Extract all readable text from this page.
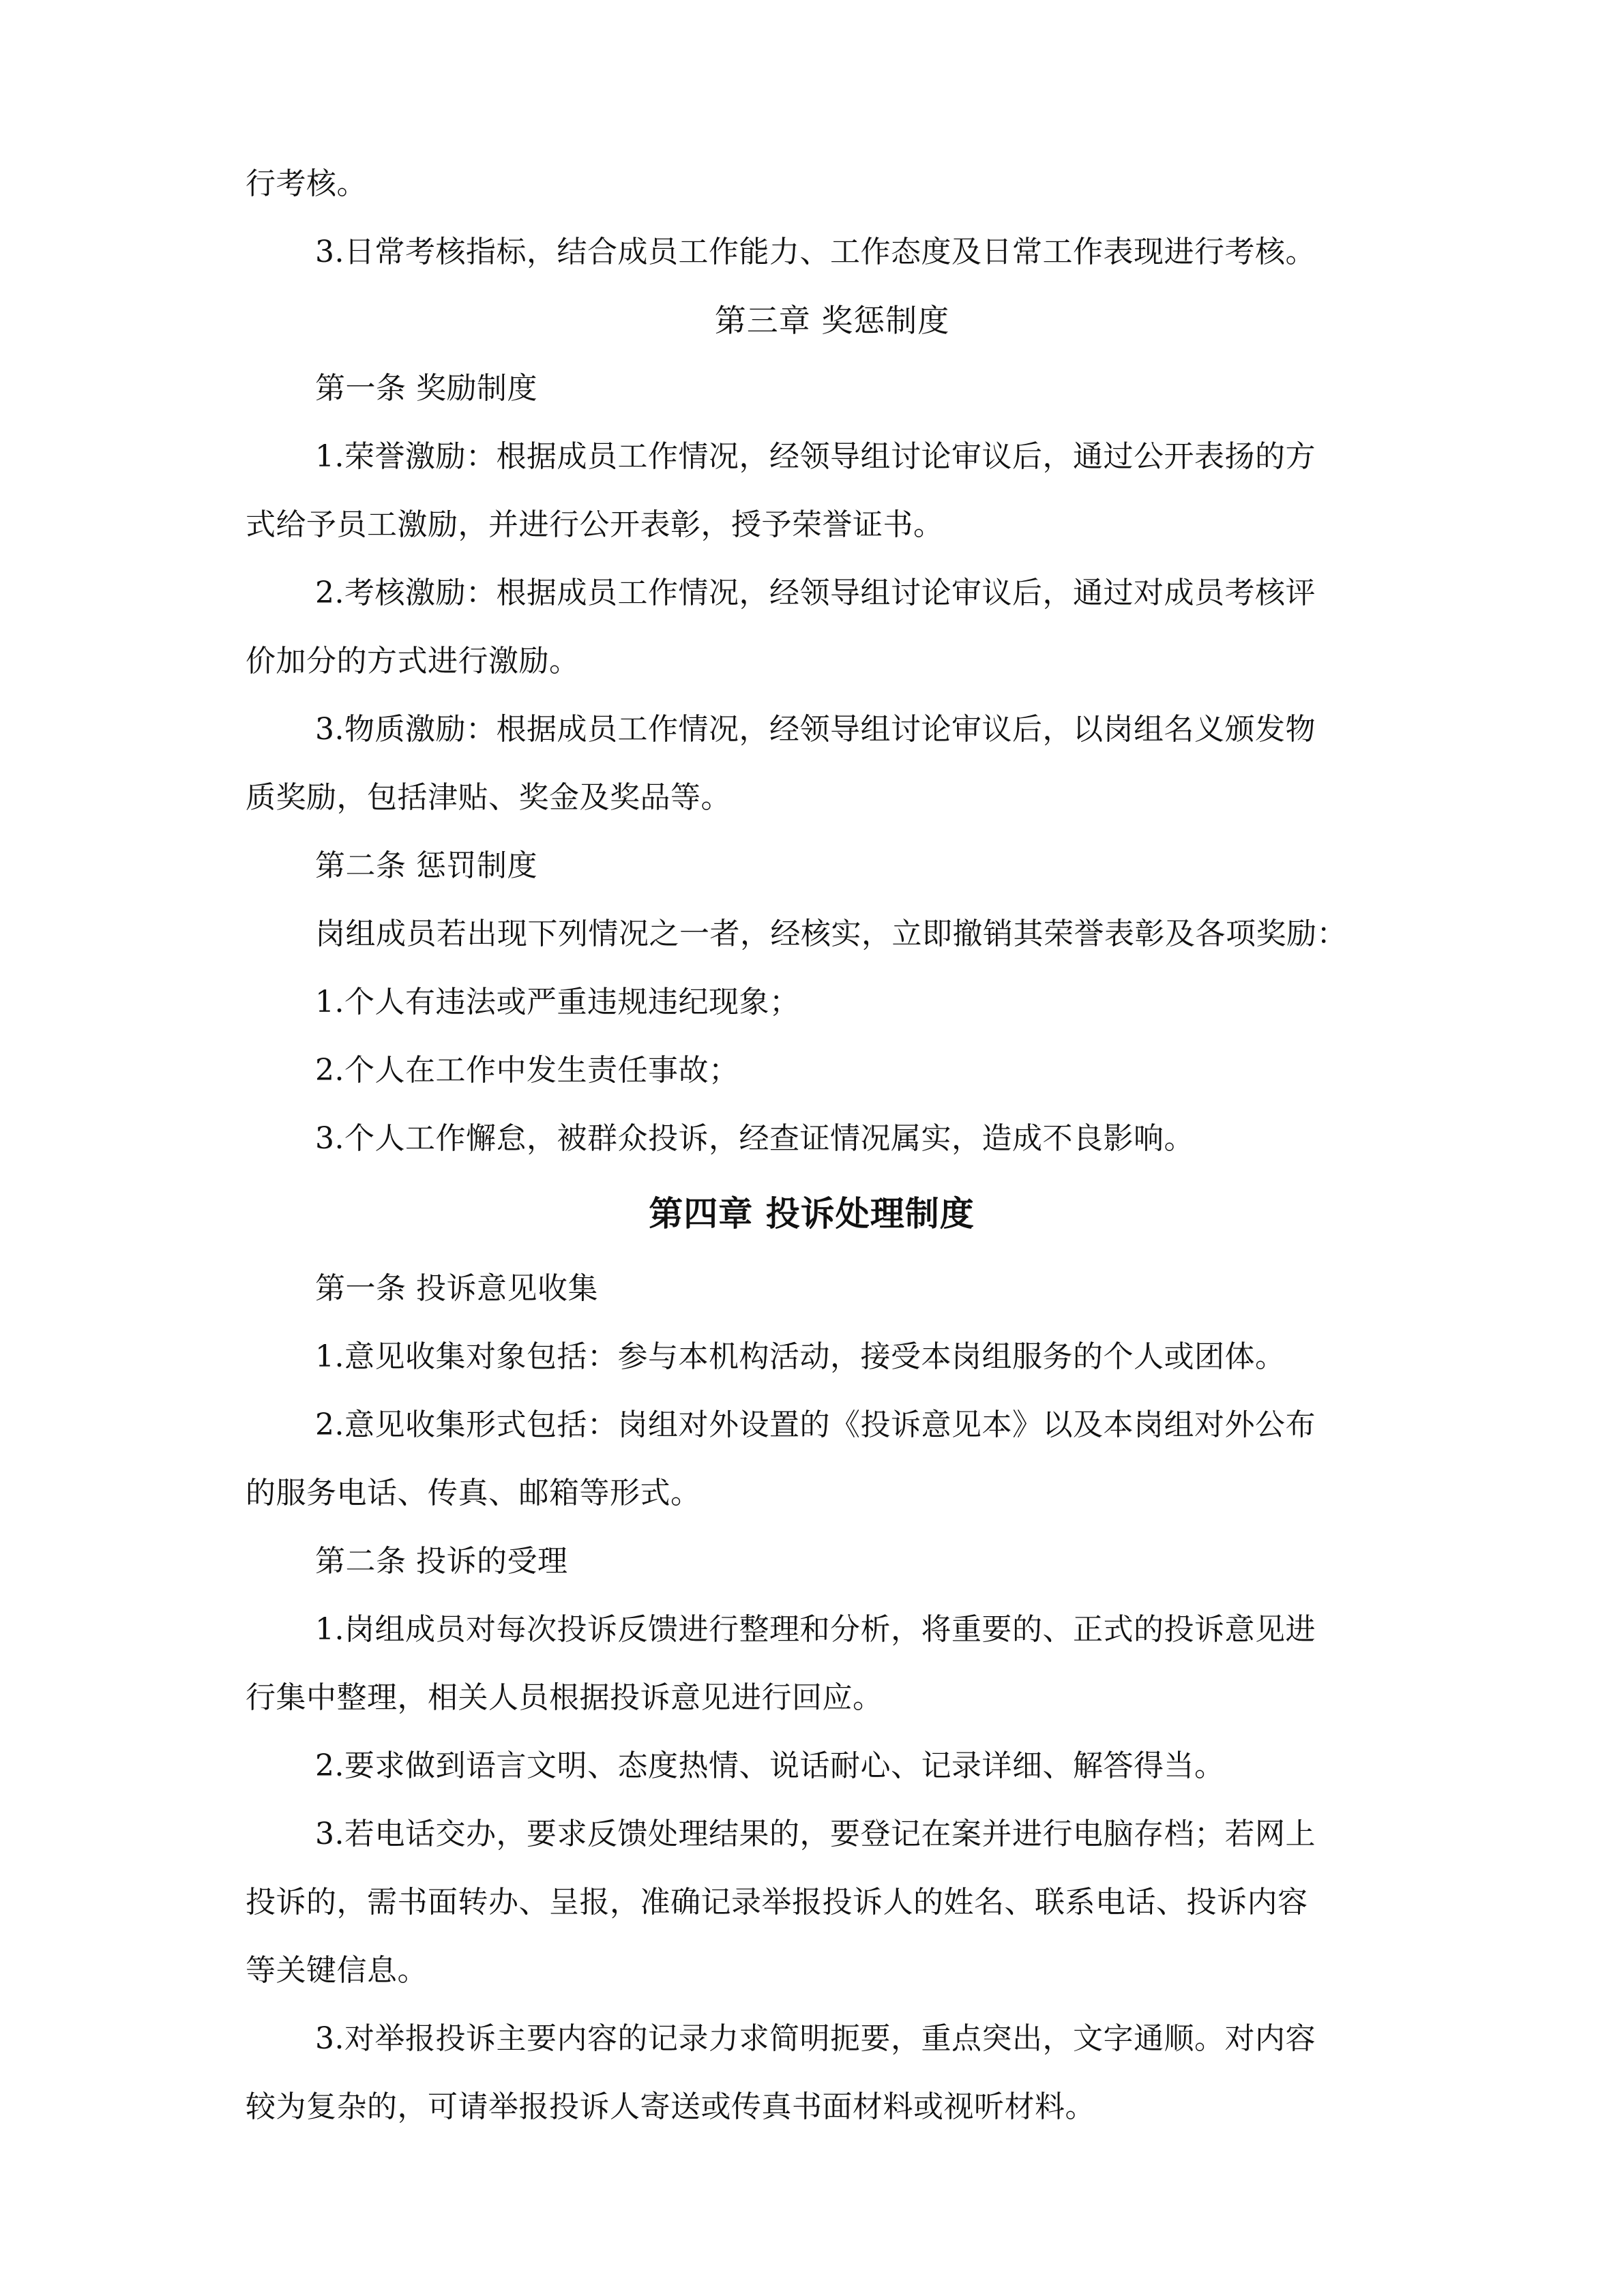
行考核。
3.日常考核指标，结合成员工作能力、工作态度及日常工作表现进行考核。
第三章 奖惩制度
第一条 奖励制度
1.荣誉激励：根据成员工作情况，经领导组讨论审议后，通过公开表扬的方
式给予员工激励，并进行公开表彰，授予荣誉证书。
2.考核激励：根据成员工作情况，经领导组讨论审议后，通过对成员考核评
价加分的方式进行激励。
3.物质激励：根据成员工作情况，经领导组讨论审议后，以岗组名义颁发物
质奖励，包括津贴、奖金及奖品等。
第二条 惩罚制度
岗组成员若出现下列情况之一者，经核实，立即撤销其荣誉表彰及各项奖励：
1.个人有违法或严重违规违纪现象；
2.个人在工作中发生责任事故；
3.个人工作懈怠，被群众投诉，经查证情况属实，造成不良影响。
第四章 投诉处理制度
第一条 投诉意见收集
1.意见收集对象包括：参与本机构活动，接受本岗组服务的个人或团体。
2.意见收集形式包括：岗组对外设置的《投诉意见本》以及本岗组对外公布
的服务电话、传真、邮箱等形式。
第二条 投诉的受理
1.岗组成员对每次投诉反馈进行整理和分析，将重要的、正式的投诉意见进
行集中整理，相关人员根据投诉意见进行回应。
2.要求做到语言文明、态度热情、说话耐心、记录详细、解答得当。
3.若电话交办，要求反馈处理结果的，要登记在案并进行电脑存档；若网上
投诉的，需书面转办、呈报，准确记录举报投诉人的姓名、联系电话、投诉内容
等关键信息。
3.对举报投诉主要内容的记录力求简明扼要，重点突出，文字通顺。对内容
较为复杂的，可请举报投诉人寄送或传真书面材料或视听材料。
